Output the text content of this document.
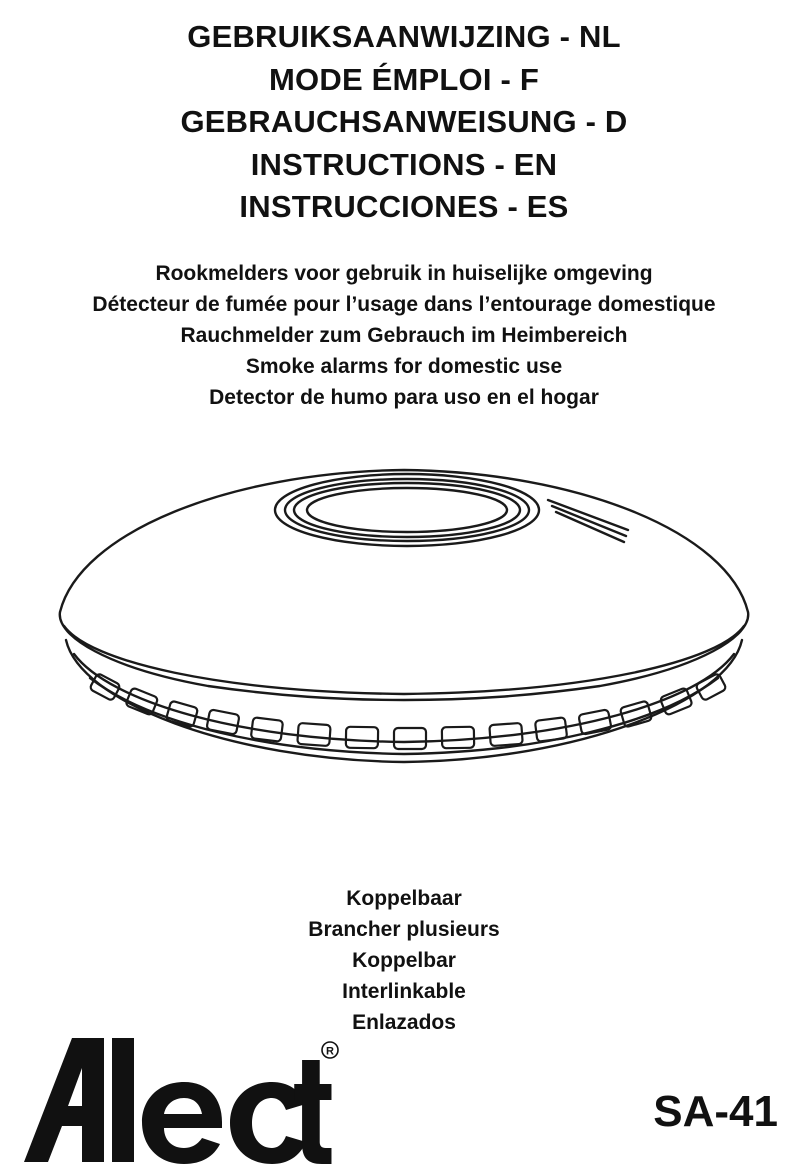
GEBRUIKSAANWIJZING - NL
MODE ÉMPLOI - F
GEBRAUCHSANWEISUNG - D
INSTRUCTIONS - EN
INSTRUCCIONES - ES
Rookmelders voor gebruik in huiselijke omgeving
Détecteur de fumée pour l’usage dans l’entourage domestique
Rauchmelder zum Gebrauch im Heimbereich
Smoke alarms for domestic use
Detector de humo para uso en el hogar
Koppelbaar
Brancher plusieurs
Koppelbar
Interlinkable
Enlazados
R
SA-41
